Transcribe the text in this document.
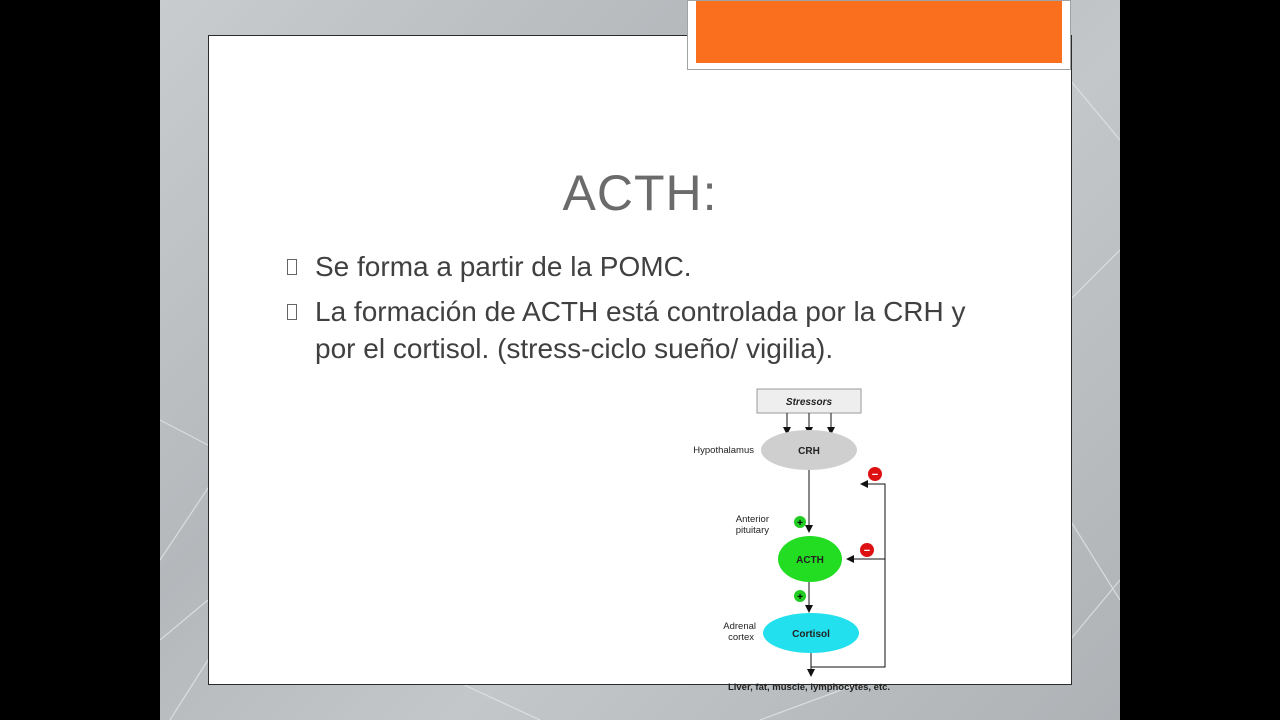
ACTH:
Se forma a partir de la POMC.
La formación de ACTH está controlada por la CRH y por el cortisol. (stress-ciclo sueño/ vigilia).
Stressors
Hypothalamus	CRH
+
Anterior
pituitary
ACTH
+
Adrenal
cortex	Cortisol
Liver, fat, muscle, lymphocytes, etc.
−
−
